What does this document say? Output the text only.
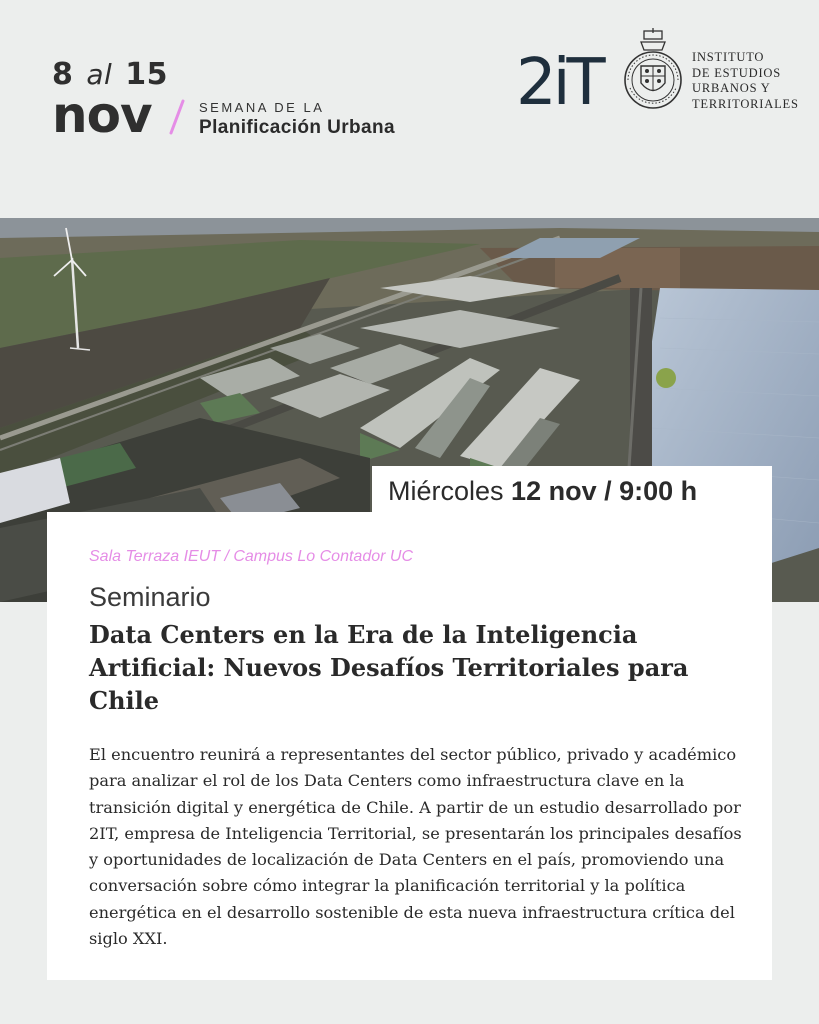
8 al 15
nov	SEMANA DE LA
Planificación Urbana
2iT	INSTITUTO
DE ESTUDIOS
URBANOS Y
TERRITORIALES
Miércoles 12 nov / 9:00 h
Sala Terraza IEUT / Campus Lo Contador UC
Seminario
Data Centers en la Era de la Inteligencia Artificial: Nuevos Desafíos Territoriales para Chile
El encuentro reunirá a representantes del sector público, privado y académico para analizar el rol de los Data Centers como infraestructura clave en la transición digital y energética de Chile. A partir de un estudio desarrollado por 2IT, empresa de Inteligencia Territorial, se presentarán los principales desafíos y oportunidades de localización de Data Centers en el país, promoviendo una conversación sobre cómo integrar la planificación territorial y la política energética en el desarrollo sostenible de esta nueva infraestructura crítica del siglo XXI.
